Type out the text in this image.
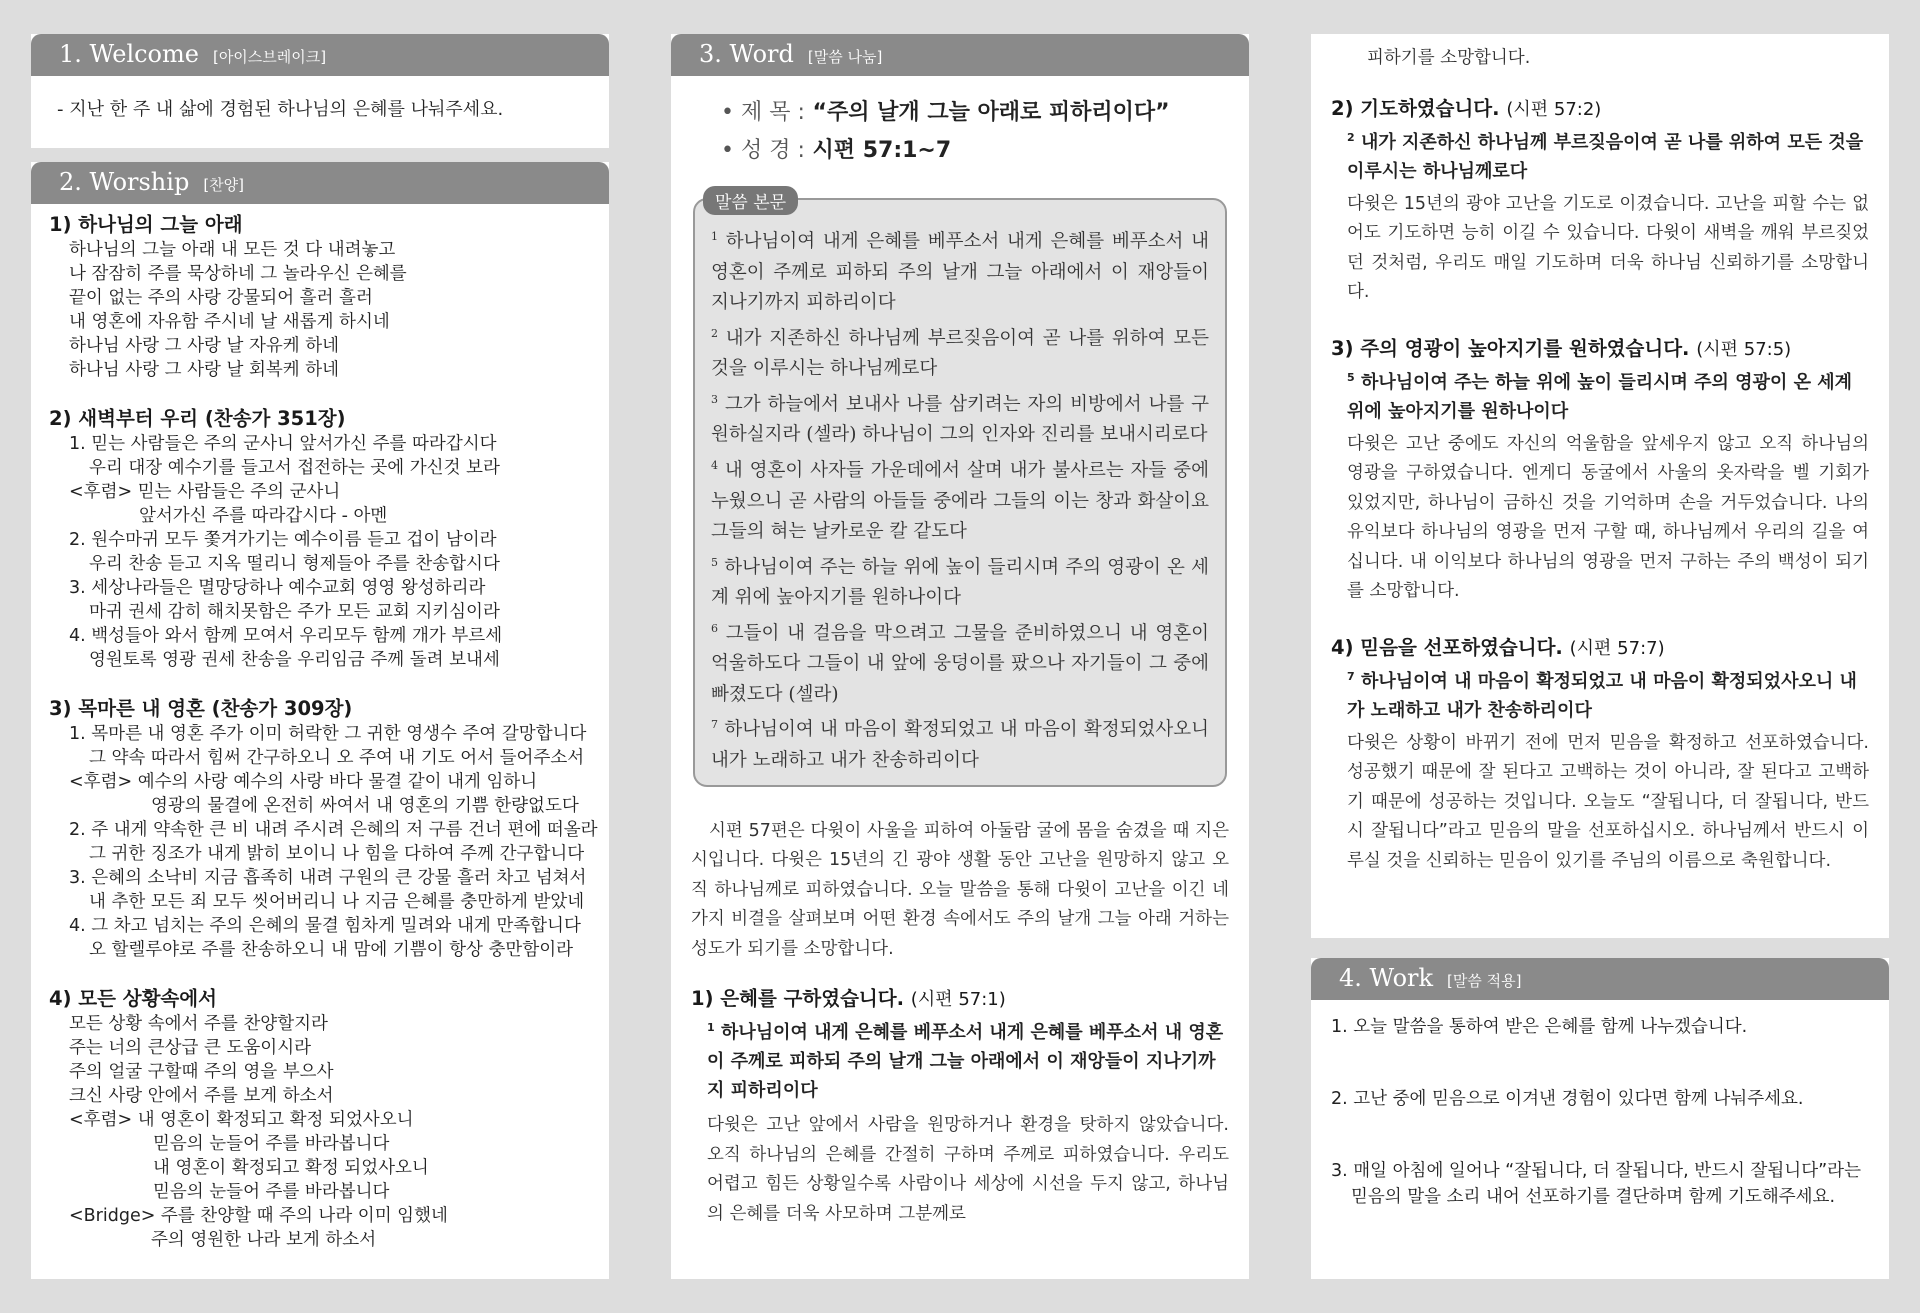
1. Welcome [아이스브레이크]
- 지난 한 주 내 삶에 경험된 하나님의 은혜를 나눠주세요.
2. Worship [찬양]
1) 하나님의 그늘 아래
하나님의 그늘 아래 내 모든 것 다 내려놓고
나 잠잠히 주를 묵상하네 그 놀라우신 은혜를
끝이 없는 주의 사랑 강물되어 흘러 흘러
내 영혼에 자유함 주시네 날 새롭게 하시네
하나님 사랑 그 사랑 날 자유케 하네
하나님 사랑 그 사랑 날 회복케 하네
2) 새벽부터 우리 (찬송가 351장)
1. 믿는 사람들은 주의 군사니 앞서가신 주를 따라갑시다
우리 대장 예수기를 들고서 접전하는 곳에 가신것 보라
<후렴> 믿는 사람들은 주의 군사니
앞서가신 주를 따라갑시다 - 아멘
2. 원수마귀 모두 쫓겨가기는 예수이름 듣고 겁이 남이라
우리 찬송 듣고 지옥 떨리니 형제들아 주를 찬송합시다
3. 세상나라들은 멸망당하나 예수교회 영영 왕성하리라
마귀 권세 감히 해치못함은 주가 모든 교회 지키심이라
4. 백성들아 와서 함께 모여서 우리모두 함께 개가 부르세
영원토록 영광 권세 찬송을 우리임금 주께 돌려 보내세
3) 목마른 내 영혼 (찬송가 309장)
1. 목마른 내 영혼 주가 이미 허락한 그 귀한 영생수 주여 갈망합니다
그 약속 따라서 힘써 간구하오니 오 주여 내 기도 어서 들어주소서
<후렴> 예수의 사랑 예수의 사랑 바다 물결 같이 내게 임하니
영광의 물결에 온전히 싸여서 내 영혼의 기쁨 한량없도다
2. 주 내게 약속한 큰 비 내려 주시려 은혜의 저 구름 건너 편에 떠올라
그 귀한 징조가 내게 밝히 보이니 나 힘을 다하여 주께 간구합니다
3. 은혜의 소낙비 지금 흡족히 내려 구원의 큰 강물 흘러 차고 넘쳐서
내 추한 모든 죄 모두 씻어버리니 나 지금 은혜를 충만하게 받았네
4. 그 차고 넘치는 주의 은혜의 물결 힘차게 밀려와 내게 만족합니다
오 할렐루야로 주를 찬송하오니 내 맘에 기쁨이 항상 충만함이라
4) 모든 상황속에서
모든 상황 속에서 주를 찬양할지라
주는 너의 큰상급 큰 도움이시라
주의 얼굴 구할때 주의 영을 부으사
크신 사랑 안에서 주를 보게 하소서
<후렴> 내 영혼이 확정되고 확정 되었사오니
믿음의 눈들어 주를 바라봅니다
내 영혼이 확정되고 확정 되었사오니
믿음의 눈들어 주를 바라봅니다
<Bridge> 주를 찬양할 때 주의 나라 이미 임했네
주의 영원한 나라 보게 하소서
3. Word [말씀 나눔]
• 제 목 : “주의 날개 그늘 아래로 피하리이다”
• 성 경 : 시편 57:1~7
말씀 본문
$^1$ 하나님이여 내게 은혜를 베푸소서 내게 은혜를 베푸소서 내 영혼이 주께로 피하되 주의 날개 그늘 아래에서 이 재앙들이 지나기까지 피하리이다
$^2$ 내가 지존하신 하나님께 부르짖음이여 곧 나를 위하여 모든 것을 이루시는 하나님께로다
$^3$ 그가 하늘에서 보내사 나를 삼키려는 자의 비방에서 나를 구원하실지라 (셀라) 하나님이 그의 인자와 진리를 보내시리로다
$^4$ 내 영혼이 사자들 가운데에서 살며 내가 불사르는 자들 중에 누웠으니 곧 사람의 아들들 중에라 그들의 이는 창과 화살이요 그들의 혀는 날카로운 칼 같도다
$^5$ 하나님이여 주는 하늘 위에 높이 들리시며 주의 영광이 온 세계 위에 높아지기를 원하나이다
$^6$ 그들이 내 걸음을 막으려고 그물을 준비하였으니 내 영혼이 억울하도다 그들이 내 앞에 웅덩이를 팠으나 자기들이 그 중에 빠졌도다 (셀라)
$^7$ 하나님이여 내 마음이 확정되었고 내 마음이 확정되었사오니 내가 노래하고 내가 찬송하리이다
시편 57편은 다윗이 사울을 피하여 아둘람 굴에 몸을 숨겼을 때 지은 시입니다. 다윗은 15년의 긴 광야 생활 동안 고난을 원망하지 않고 오직 하나님께로 피하였습니다. 오늘 말씀을 통해 다윗이 고난을 이긴 네 가지 비결을 살펴보며 어떤 환경 속에서도 주의 날개 그늘 아래 거하는 성도가 되기를 소망합니다.
1) 은혜를 구하였습니다. (시편 57:1)
$^1$ 하나님이여 내게 은혜를 베푸소서 내게 은혜를 베푸소서 내 영혼이 주께로 피하되 주의 날개 그늘 아래에서 이 재앙들이 지나기까지 피하리이다
다윗은 고난 앞에서 사람을 원망하거나 환경을 탓하지 않았습니다. 오직 하나님의 은혜를 간절히 구하며 주께로 피하였습니다. 우리도 어렵고 힘든 상황일수록 사람이나 세상에 시선을 두지 않고, 하나님의 은혜를 더욱 사모하며 그분께로
피하기를 소망합니다.
2) 기도하였습니다. (시편 57:2)
$^2$ 내가 지존하신 하나님께 부르짖음이여 곧 나를 위하여 모든 것을 이루시는 하나님께로다
다윗은 15년의 광야 고난을 기도로 이겼습니다. 고난을 피할 수는 없어도 기도하면 능히 이길 수 있습니다. 다윗이 새벽을 깨워 부르짖었던 것처럼, 우리도 매일 기도하며 더욱 하나님 신뢰하기를 소망합니다.
3) 주의 영광이 높아지기를 원하였습니다. (시편 57:5)
$^5$ 하나님이여 주는 하늘 위에 높이 들리시며 주의 영광이 온 세계 위에 높아지기를 원하나이다
다윗은 고난 중에도 자신의 억울함을 앞세우지 않고 오직 하나님의 영광을 구하였습니다. 엔게디 동굴에서 사울의 옷자락을 벨 기회가 있었지만, 하나님이 금하신 것을 기억하며 손을 거두었습니다. 나의 유익보다 하나님의 영광을 먼저 구할 때, 하나님께서 우리의 길을 여십니다. 내 이익보다 하나님의 영광을 먼저 구하는 주의 백성이 되기를 소망합니다.
4) 믿음을 선포하였습니다. (시편 57:7)
$^7$ 하나님이여 내 마음이 확정되었고 내 마음이 확정되었사오니 내가 노래하고 내가 찬송하리이다
다윗은 상황이 바뀌기 전에 먼저 믿음을 확정하고 선포하였습니다. 성공했기 때문에 잘 된다고 고백하는 것이 아니라, 잘 된다고 고백하기 때문에 성공하는 것입니다. 오늘도 “잘됩니다, 더 잘됩니다, 반드시 잘됩니다”라고 믿음의 말을 선포하십시오. 하나님께서 반드시 이루실 것을 신뢰하는 믿음이 있기를 주님의 이름으로 축원합니다.
4. Work [말씀 적용]
1. 오늘 말씀을 통하여 받은 은혜를 함께 나누겠습니다.
2. 고난 중에 믿음으로 이겨낸 경험이 있다면 함께 나눠주세요.
3. 매일 아침에 일어나 “잘됩니다, 더 잘됩니다, 반드시 잘됩니다”라는
믿음의 말을 소리 내어 선포하기를 결단하며 함께 기도해주세요.
